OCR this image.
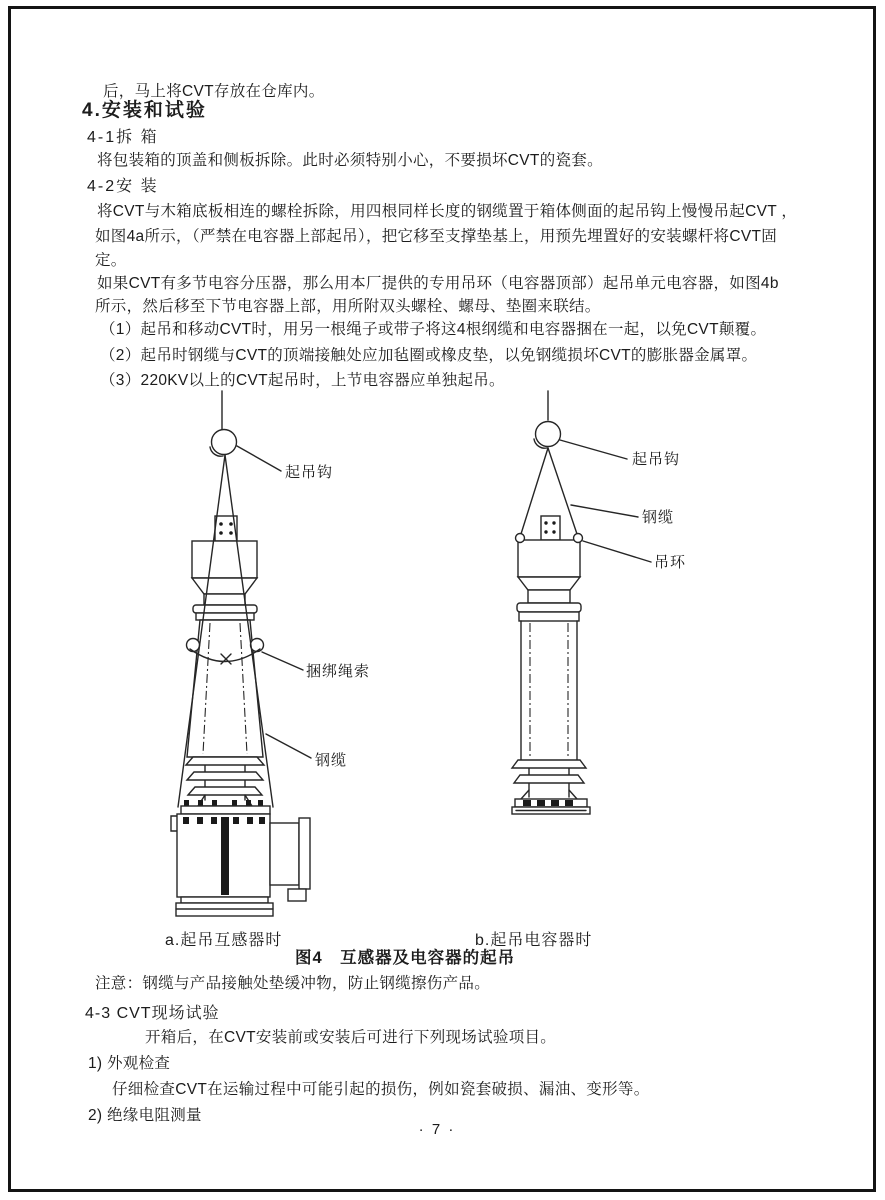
后，马上将CVT存放在仓库内。
4.安装和试验
4-1拆 箱
将包装箱的顶盖和侧板拆除。此时必须特别小心，不要损坏CVT的瓷套。
4-2安 装
将CVT与木箱底板相连的螺栓拆除，用四根同样长度的钢缆置于箱体侧面的起吊钩上慢慢吊起CVT ，
如图4a所示，（严禁在电容器上部起吊），把它移至支撑垫基上，用预先埋置好的安装螺杆将CVT固
定。
如果CVT有多节电容分压器，那么用本厂提供的专用吊环（电容器顶部）起吊单元电容器，如图4b
所示，然后移至下节电容器上部，用所附双头螺栓、螺母、垫圈来联结。
（1）起吊和移动CVT时，用另一根绳子或带子将这4根纲缆和电容器捆在一起，以免CVT颠覆。
（2）起吊时钢缆与CVT的顶端接触处应加毡圈或橡皮垫，以免钢缆损坏CVT的膨胀器金属罩。
（3）220KV以上的CVT起吊时，上节电容器应单独起吊。
起吊钩
捆绑绳索
钢缆
起吊钩
钢缆
吊环
a.起吊互感器时	b.起吊电容器时
图4　互感器及电容器的起吊
注意：钢缆与产品接触处垫缓冲物，防止钢缆擦伤产品。
4-3 CVT现场试验
开箱后，在CVT安装前或安装后可进行下列现场试验项目。
1) 外观检查
仔细检查CVT在运输过程中可能引起的损伤，例如瓷套破损、漏油、变形等。
2) 绝缘电阻测量
· 7 ·
